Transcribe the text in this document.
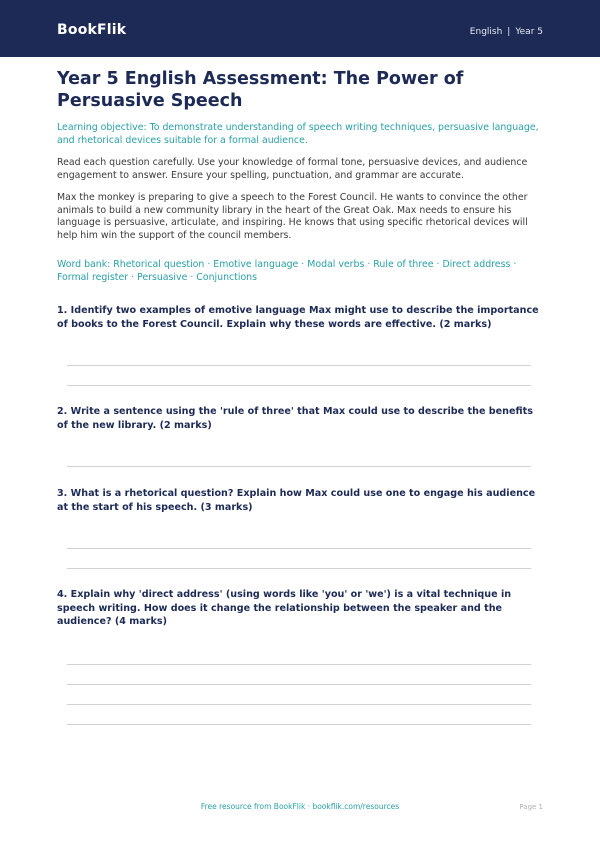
BookFlik	English | Year 5
Year 5 English Assessment: The Power of Persuasive Speech

Learning objective: To demonstrate understanding of speech writing techniques, persuasive language, and rhetorical devices suitable for a formal audience.

Read each question carefully. Use your knowledge of formal tone, persuasive devices, and audience engagement to answer. Ensure your spelling, punctuation, and grammar are accurate.

Max the monkey is preparing to give a speech to the Forest Council. He wants to convince the other animals to build a new community library in the heart of the Great Oak. Max needs to ensure his language is persuasive, articulate, and inspiring. He knows that using specific rhetorical devices will help him win the support of the council members.

Word bank: Rhetorical question · Emotive language · Modal verbs · Rule of three · Direct address · Formal register · Persuasive · Conjunctions

1. Identify two examples of emotive language Max might use to describe the importance of books to the Forest Council. Explain why these words are effective. (2 marks)

2. Write a sentence using the 'rule of three' that Max could use to describe the benefits of the new library. (2 marks)

3. What is a rhetorical question? Explain how Max could use one to engage his audience at the start of his speech. (3 marks)

4. Explain why 'direct address' (using words like 'you' or 'we') is a vital technique in speech writing. How does it change the relationship between the speaker and the audience? (4 marks)

Free resource from BookFlik · bookflik.com/resources	Page 1
